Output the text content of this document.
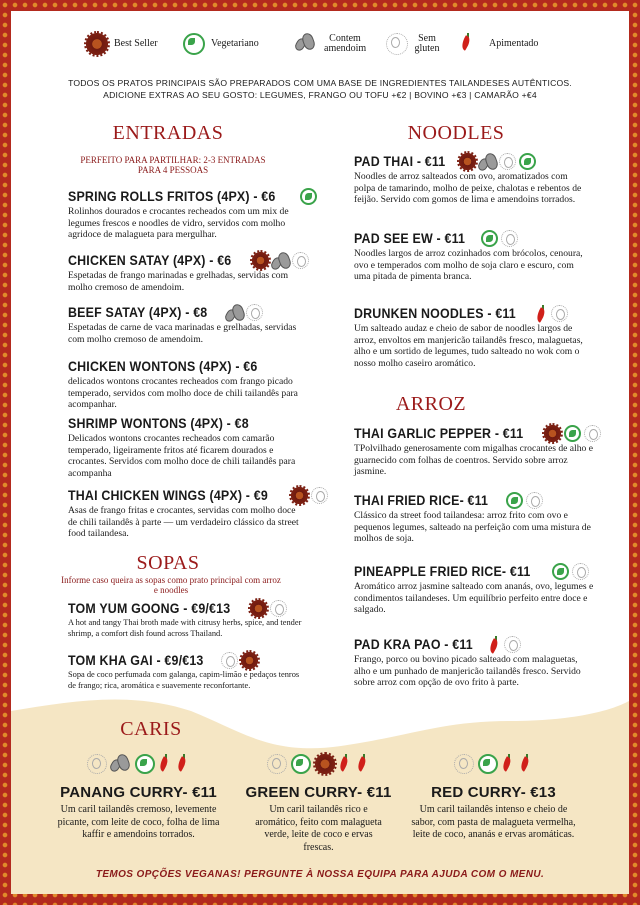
Best Seller	Vegetariano	Contem amendoim
Sem gluten	Apimentado
TODOS OS PRATOS PRINCIPAIS SÃO PREPARADOS COM UMA BASE DE INGREDIENTES TAILANDESES AUTÊNTICOS.
ADICIONE EXTRAS AO SEU GOSTO: LEGUMES, FRANGO OU TOFU +€2 | BOVINO +€3 | CAMARÃO +€4
TEMOS OPÇÕES VEGANAS! PERGUNTE À NOSSA EQUIPA PARA AJUDA COM O MENU.
ENTRADAS
SOPAS
NOODLES
ARROZ
CARIS
PERFEITO PARA PARTILHAR: 2-3 ENTRADAS PARA 4 PESSOAS
Informe caso queira as sopas como prato principal com arroz e noodles
SPRING ROLLS FRITOS (4PX) - €6
Rolinhos dourados e crocantes recheados com um mix de legumes frescos e noodles de vidro, servidos com molho agridoce de malagueta para mergulhar.
CHICKEN SATAY (4PX) - €6
Espetadas de frango marinadas e grelhadas, servidas com molho cremoso de amendoim.
BEEF SATAY (4PX) - €8
Espetadas de carne de vaca marinadas e grelhadas, servidas com molho cremoso de amendoim.
CHICKEN WONTONS (4PX) - €6
delicados wontons crocantes recheados com frango picado temperado, servidos com molho doce de chili tailandês para acompanhar.
SHRIMP WONTONS (4PX) - €8
Delicados wontons crocantes recheados com camarão temperado, ligeiramente fritos até ficarem dourados e crocantes. Servidos com molho doce de chili tailandês para acompanha
THAI CHICKEN WINGS (4PX) - €9
Asas de frango fritas e crocantes, servidas com molho doce de chili tailandês à parte — um verdadeiro clássico da street food tailandesa.
TOM YUM GOONG - €9/€13
A hot and tangy Thai broth made with citrusy herbs, spice, and tender shrimp, a comfort dish found across Thailand.
TOM KHA GAI - €9/€13
Sopa de coco perfumada com galanga, capim-limão e pedaços tenros de frango; rica, aromática e suavemente reconfortante.
PAD THAI - €11
Noodles de arroz salteados com ovo, aromatizados com polpa de tamarindo, molho de peixe, chalotas e rebentos de feijão. Servido com gomos de lima e amendoins torrados.
PAD SEE EW - €11
Noodles largos de arroz cozinhados com brócolos, cenoura, ovo e temperados com molho de soja claro e escuro, com uma pitada de pimenta branca.
DRUNKEN NOODLES - €11
Um salteado audaz e cheio de sabor de noodles largos de arroz, envoltos em manjericão tailandês fresco, malaguetas, alho e um sortido de legumes, tudo salteado no wok com o nosso molho caseiro aromático.
THAI GARLIC PEPPER - €11
TPolvilhado generosamente com migalhas crocantes de alho e guarnecido com folhas de coentros. Servido sobre arroz jasmine.
THAI FRIED RICE- €11
Clássico da street food tailandesa: arroz frito com ovo e pequenos legumes, salteado na perfeição com uma mistura de molhos de soja.
PINEAPPLE FRIED RICE- €11
Aromático arroz jasmine salteado com ananás, ovo, legumes e condimentos tailandeses. Um equilíbrio perfeito entre doce e salgado.
PAD KRA PAO - €11
Frango, porco ou bovino picado salteado com malaguetas, alho e um punhado de manjericão tailandês fresco. Servido sobre arroz com opção de ovo frito à parte.
PANANG CURRY- €11
Um caril tailandês cremoso, levemente picante, com leite de coco, folha de lima kaffir e amendoins torrados.
GREEN CURRY- €11
Um caril tailandês rico e aromático, feito com malagueta verde, leite de coco e ervas frescas.
RED CURRY- €13
Um caril tailandês intenso e cheio de sabor, com pasta de malagueta vermelha, leite de coco, ananás e ervas aromáticas.
